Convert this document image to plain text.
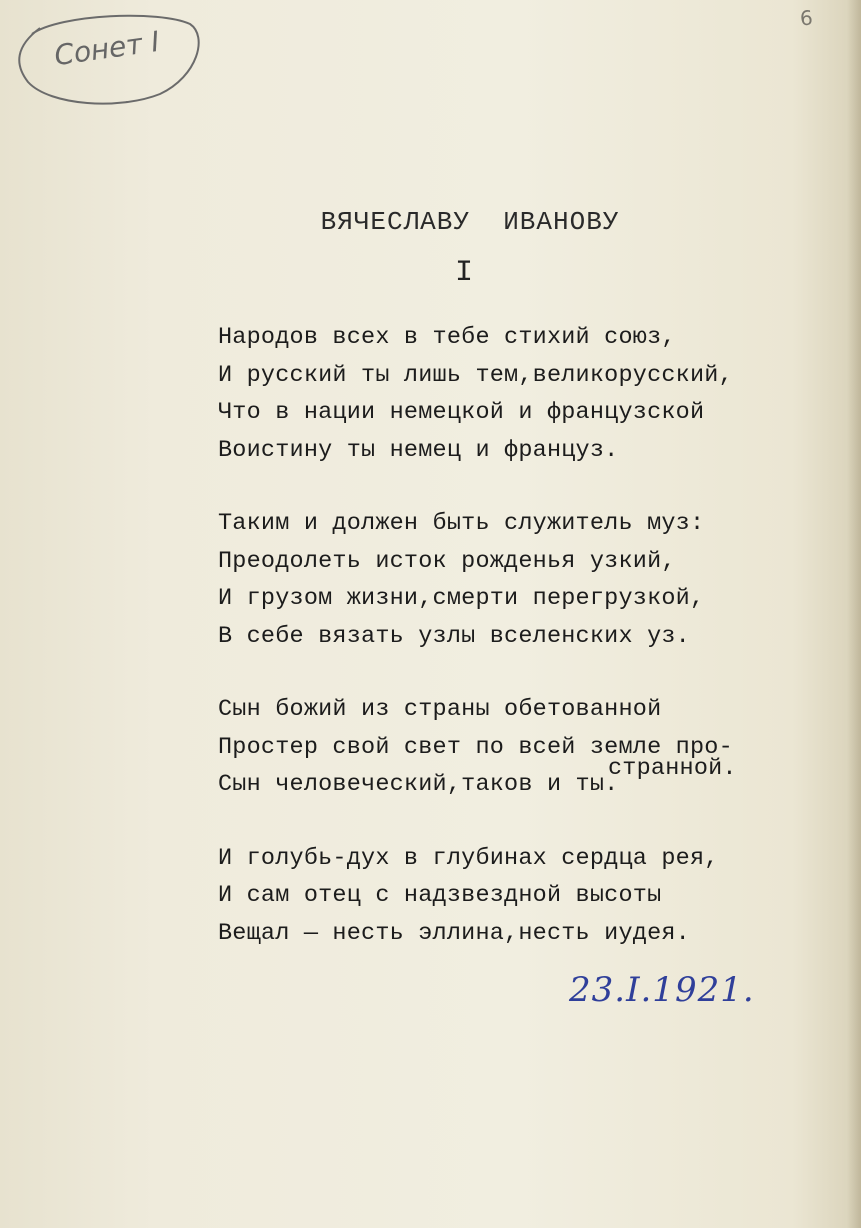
Сонет I
6
ВЯЧЕСЛАВУ  ИВАНОВУ
I
Народов всех в тебе стихий союз,
И русский ты лишь тем,великорусский,
Что в нации немецкой и французской
Воистину ты немец и француз.
Таким и должен быть служитель муз:
Преодолеть исток рожденья узкий,
И грузом жизни,смерти перегрузкой,
В себе вязать узлы вселенских уз.
Сын божий из страны обетованной
Простер свой свет по всей земле про-
странной.
Сын человеческий,таков и ты.
И голубь-дух в глубинах сердца рея,
И сам отец с надзвездной высоты
Вещал — несть эллина,несть иудея.
23.I.1921.
